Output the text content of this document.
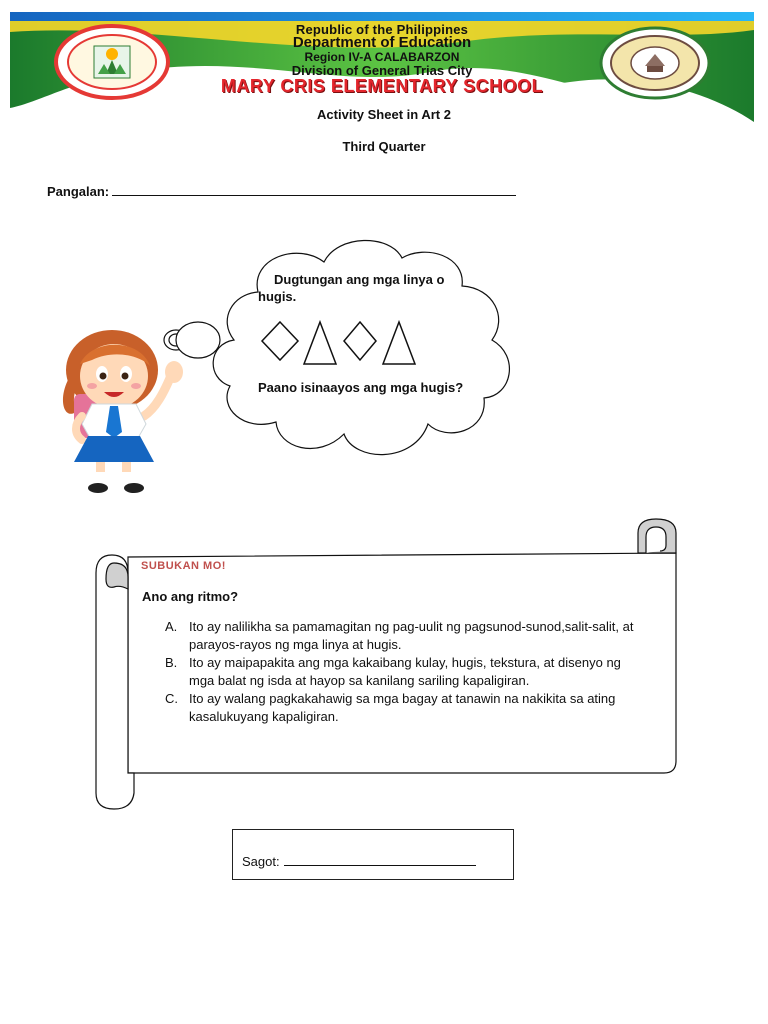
Republic of the Philippines
Department of Education
Region IV-A CALABARZON
Division of General Trias City
MARY CRIS ELEMENTARY SCHOOL
Activity Sheet in Art 2
Third Quarter
Pangalan:
Dugtungan ang mga linya o hugis.
Paano isinaayos ang mga hugis?
SUBUKAN MO!
Ano ang ritmo?
A. Ito ay nalilikha sa pamamagitan ng pag-uulit ng pagsunod-sunod,salit-salit, at parayos-rayos ng mga linya at hugis.
B. Ito ay maipapakita ang mga kakaibang kulay, hugis, tekstura, at disenyo ng mga balat ng isda at hayop sa kanilang sariling kapaligiran.
C. Ito ay walang pagkakahawig sa mga bagay at tanawin na nakikita sa ating kasalukuyang kapaligiran.
Sagot:
